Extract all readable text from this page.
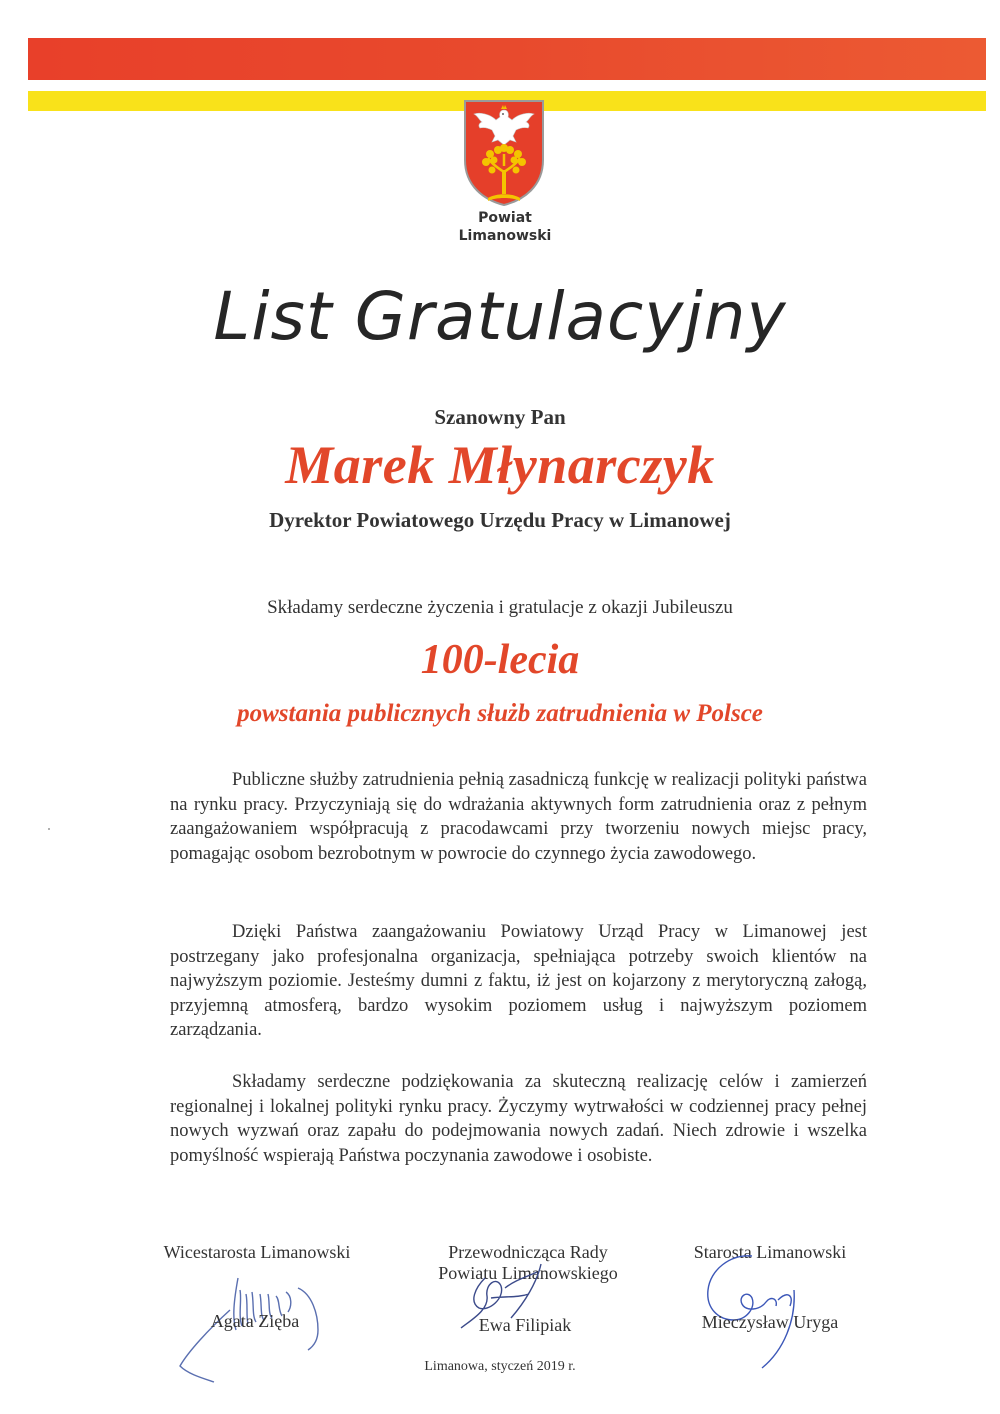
Powiat
Limanowski
List Gratulacyjny
Szanowny Pan
Marek Młynarczyk
Dyrektor Powiatowego Urzędu Pracy w Limanowej
Składamy serdeczne życzenia i gratulacje z okazji Jubileuszu
100-lecia
powstania publicznych służb zatrudnienia w Polsce

Publiczne służby zatrudnienia pełnią zasadniczą funkcję w realizacji polityki państwa na rynku pracy. Przyczyniają się do wdrażania aktywnych form zatrudnienia oraz z pełnym zaangażowaniem współpracują z pracodawcami przy tworzeniu nowych miejsc pracy, pomagając osobom bezrobotnym w powrocie do czynnego życia zawodowego.

Dzięki Państwa zaangażowaniu Powiatowy Urząd Pracy w Limanowej jest postrzegany jako profesjonalna organizacja, spełniająca potrzeby swoich klientów na najwyższym poziomie. Jesteśmy dumni z faktu, iż jest on kojarzony z merytoryczną załogą, przyjemną atmosferą, bardzo wysokim poziomem usług i najwyższym poziomem zarządzania.

Składamy serdeczne podziękowania za skuteczną realizację celów i zamierzeń regionalnej i lokalnej polityki rynku pracy. Życzymy wytrwałości w codziennej pracy pełnej nowych wyzwań oraz zapału do podejmowania nowych zadań. Niech zdrowie i wszelka pomyślność wspierają Państwa poczynania zawodowe i osobiste.

Wicestarosta Limanowski	Przewodnicząca Rady
Powiatu Limanowskiego
Starosta Limanowski
Agata Zięba	Ewa Filipiak	Mieczysław Uryga
Limanowa, styczeń 2019 r.
